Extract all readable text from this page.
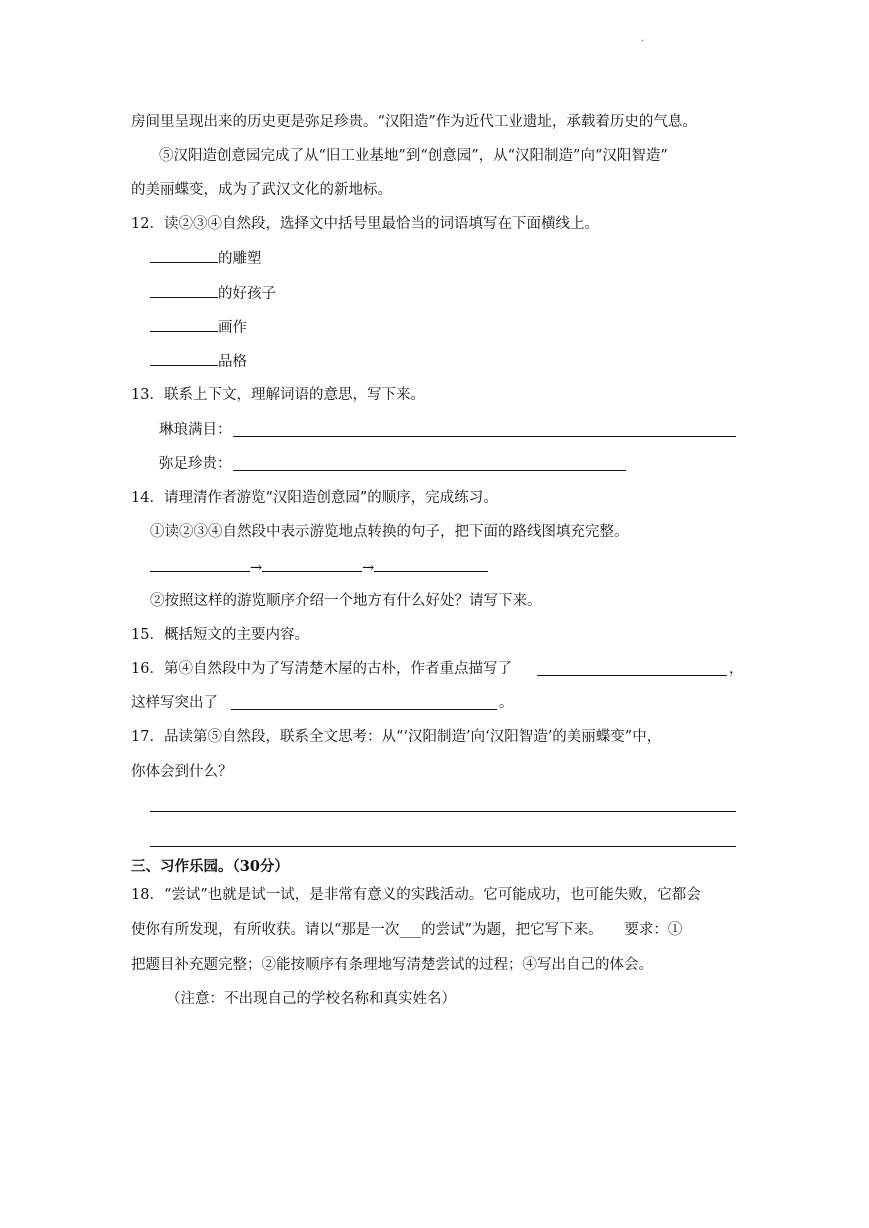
·
房间里呈现出来的历史更是弥足珍贵。“汉阳造”作为近代工业遗址，承载着历史的气息。
⑤汉阳造创意园完成了从“旧工业基地”到“创意园”，从“汉阳制造”向“汉阳智造”
的美丽蝶变，成为了武汉文化的新地标。
12．读②③④自然段，选择文中括号里最恰当的词语填写在下面横线上。
的雕塑
的好孩子
画作
品格
13．联系上下文，理解词语的意思，写下来。
琳琅满目：
弥足珍贵：
14．请理清作者游览“汉阳造创意园”的顺序，完成练习。
①读②③④自然段中表示游览地点转换的句子，把下面的路线图填充完整。
→	→
②按照这样的游览顺序介绍一个地方有什么好处？请写下来。
15．概括短文的主要内容。
16．第④自然段中为了写清楚木屋的古朴，作者重点描写了	，
这样写突出了	。
17．品读第⑤自然段，联系全文思考：从“‘汉阳制造’向‘汉阳智造’的美丽蝶变”中，
你体会到什么？
三、习作乐园。（30分）
18．“尝试”也就是试一试，是非常有意义的实践活动。它可能成功，也可能失败，它都会
使你有所发现，有所收获。请以“那是一次___的尝试”为题，把它写下来。　　要求：①
把题目补充题完整；②能按顺序有条理地写清楚尝试的过程；④写出自己的体会。
（注意：不出现自己的学校名称和真实姓名）
